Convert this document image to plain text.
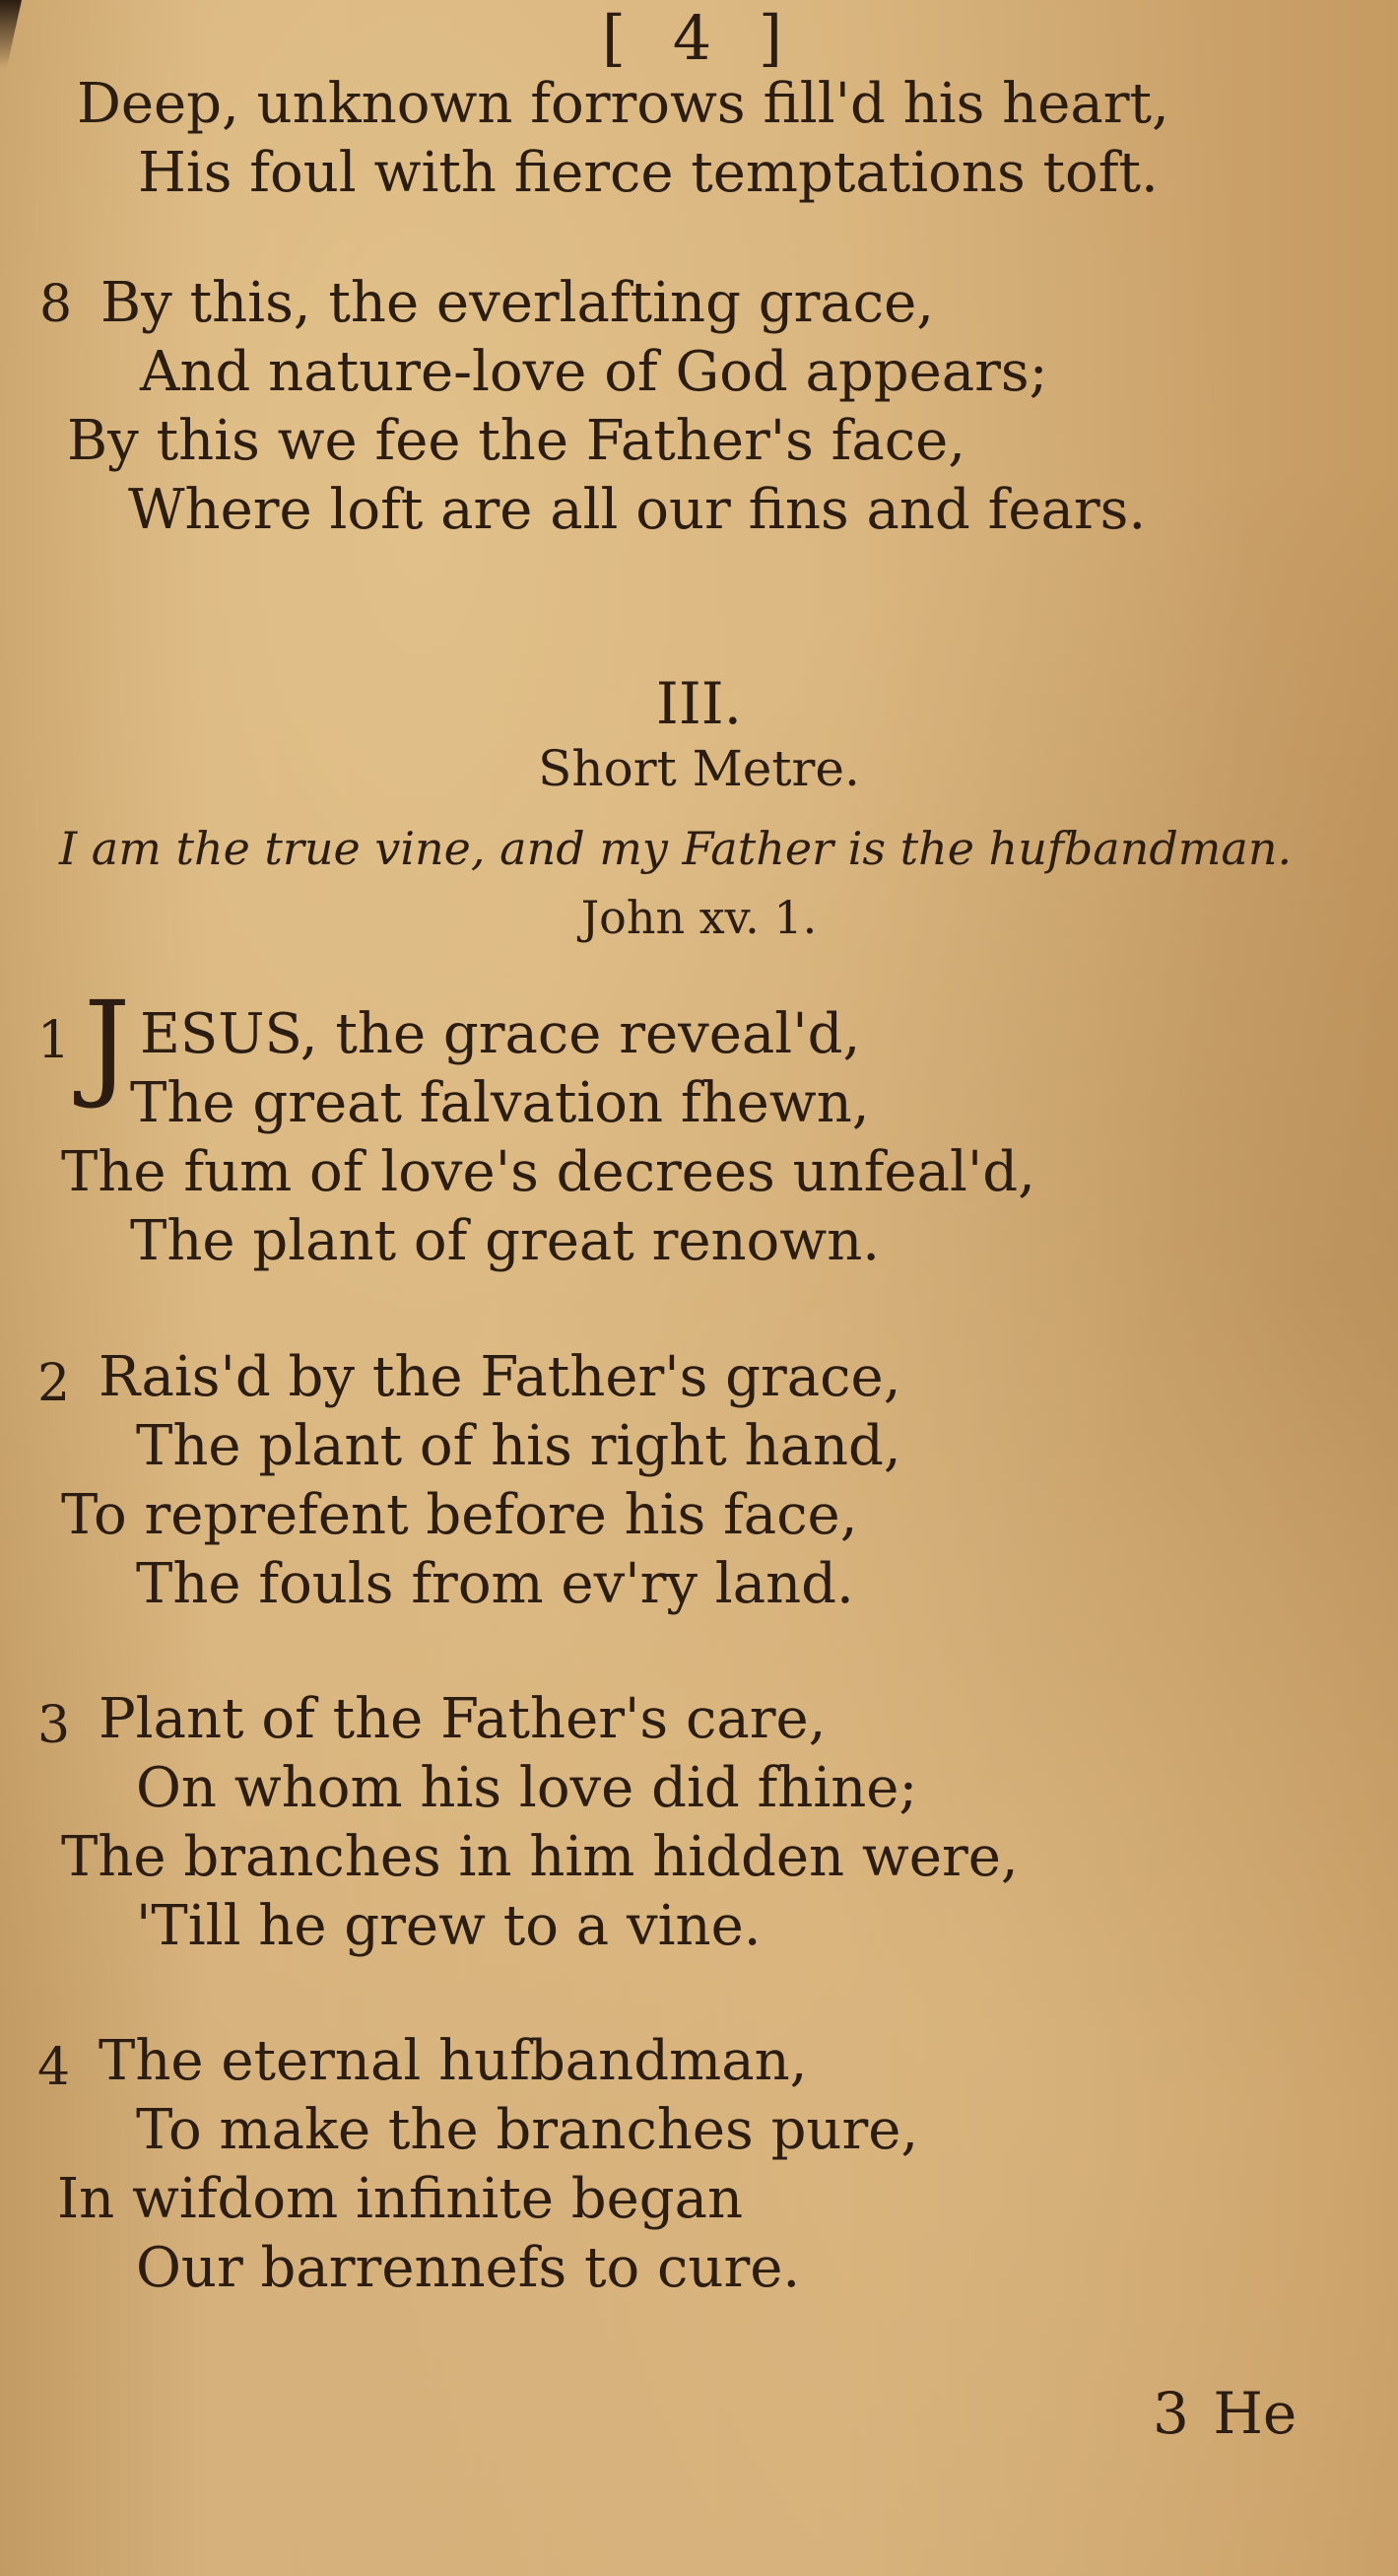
[ 4 ]
Deep, unknown forrows fill'd his heart,
His foul with fierce temptations toft.
8 By this, the everlafting grace,
And nature-love of God appears;
By this we fee the Father's face,
Where loft are all our fins and fears.
III.
Short Metre.
I am the true vine, and my Father is the hufbandman.
John xv. 1.
1 J ESUS, the grace reveal'd,
The great falvation fhewn,
The fum of love's decrees unfeal'd,
The plant of great renown.
2 Rais'd by the Father's grace,
The plant of his right hand,
To reprefent before his face,
The fouls from ev'ry land.
3 Plant of the Father's care,
On whom his love did fhine;
The branches in him hidden were,
'Till he grew to a vine.
4 The eternal hufbandman,
To make the branches pure,
In wifdom infinite began
Our barrennefs to cure.
3 He
